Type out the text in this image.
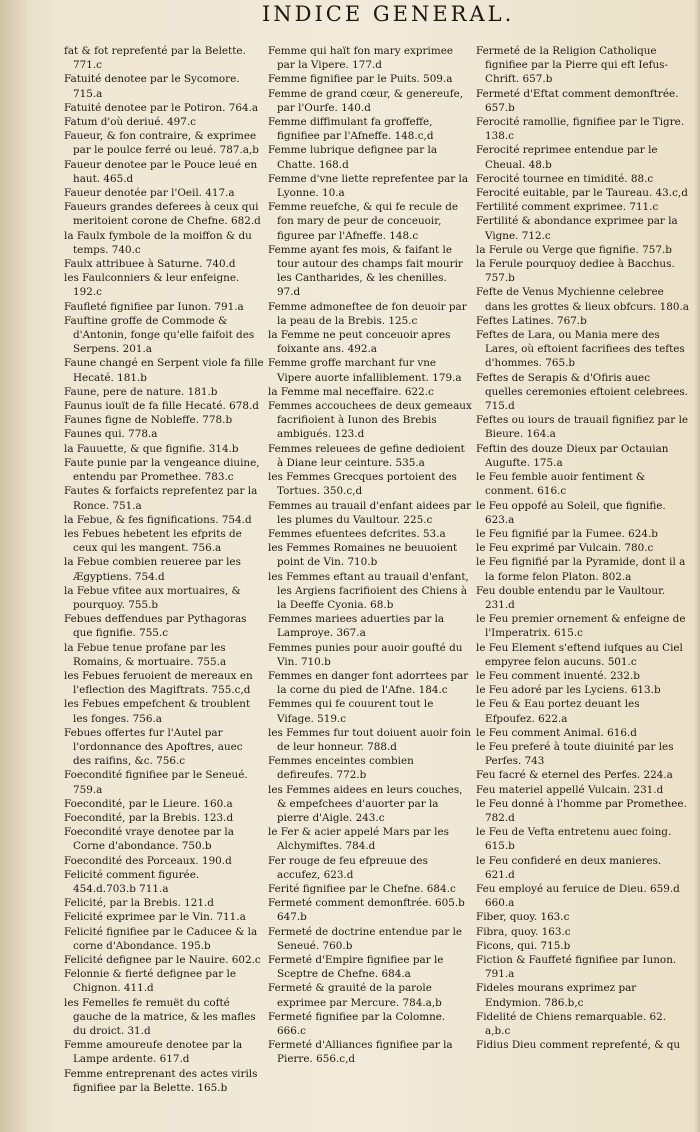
INDICE GENERAL.

fat & fot reprefenté par la Belette. 771.c

Fatuité denotee par le Sycomore. 715.a

Fatuité denotee par le Potiron. 764.a

Fatum d'où deriué. 497.c

Faueur, & fon contraire, & exprimee par le poulce ferré ou leué. 787.a,b

Faueur denotee par le Pouce leué en haut. 465.d

Faueur denotée par l'Oeil. 417.a

Faueurs grandes deferees à ceux qui meritoient corone de Chefne. 682.d

la Faulx fymbole de la moiffon & du temps. 740.c

Faulx attribuee à Saturne. 740.d

les Faulconniers & leur enfeigne. 192.c

Faufleté fignifiee par Iunon. 791.a

Fauftine groffe de Commode & d'Antonin, fonge qu'elle faifoit des Serpens. 201.a

Faune changé en Serpent viole fa fille Hecaté. 181.b

Faune, pere de nature. 181.b

Faunus iouït de fa fille Hecaté. 678.d

Faunes figne de Nobleffe. 778.b

Faunes qui. 778.a

la Fauuette, & que fignifie. 314.b

Faute punie par la vengeance diuine, entendu par Promethee. 783.c

Fautes & forfaicts reprefentez par la Ronce. 751.a

la Febue, & fes fignifications. 754.d

les Febues hebetent les efprits de ceux qui les mangent. 756.a

la Febue combien reueree par les Ægyptiens. 754.d

la Febue vfitee aux mortuaires, & pourquoy. 755.b

Febues deffendues par Pythagoras que fignifie. 755.c

la Febue tenue profane par les Romains, & mortuaire. 755.a

les Febues feruoient de mereaux en l'eflection des Magiftrats. 755.c,d

les Febues empefchent & troublent les fonges. 756.a

Febues offertes fur l'Autel par l'ordonnance des Apoftres, auec des raifins, &c. 756.c

Foecondité fignifiee par le Seneué. 759.a

Foecondité, par le Lieure. 160.a

Foecondité, par la Brebis. 123.d

Foecondité vraye denotee par la Corne d'abondance. 750.b

Foecondité des Porceaux. 190.d

Felicité comment figurée. 454.d.703.b 711.a

Felicité, par la Brebis. 121.d

Felicité exprimee par le Vin. 711.a

Felicité fignifiee par le Caducee & la corne d'Abondance. 195.b

Felicité defignee par le Nauire. 602.c

Felonnie & fierté defignee par le Chignon. 411.d

les Femelles fe remuët du cofté gauche de la matrice, & les mafles du droict. 31.d

Femme amoureufe denotee par la Lampe ardente. 617.d

Femme entreprenant des actes virils fignifiee par la Belette. 165.b

Femme qui haït fon mary exprimee par la Vipere. 177.d

Femme fignifiee par le Puits. 509.a

Femme de grand cœur, & genereufe, par l'Ourfe. 140.d

Femme diffimulant fa groffeffe, fignifiee par l'Afneffe. 148.c,d

Femme lubrique defignee par la Chatte. 168.d

Femme d'vne liette reprefentee par la Lyonne. 10.a

Femme reuefche, & qui fe recule de fon mary de peur de conceuoir, figuree par l'Afneffe. 148.c

Femme ayant fes mois, & faifant le tour autour des champs fait mourir les Cantharides, & les chenilles. 97.d

Femme admoneftee de fon deuoir par la peau de la Brebis. 125.c

la Femme ne peut conceuoir apres foixante ans. 492.a

Femme groffe marchant fur vne Vipere auorte infalliblement. 179.a

la Femme mal neceffaire. 622.c

Femmes accouchees de deux gemeaux facrifioient à Iunon des Brebis ambigués. 123.d

Femmes releuees de gefine dedioient à Diane leur ceinture. 535.a

les Femmes Grecques portoient des Tortues. 350.c,d

Femmes au trauail d'enfant aidees par les plumes du Vaultour. 225.c

Femmes efuentees defcrites. 53.a

les Femmes Romaines ne beuuoient point de Vin. 710.b

les Femmes eftant au trauail d'enfant, les Argiens facrifioient des Chiens à la Deeffe Cyonia. 68.b

Femmes mariees aduerties par la Lamproye. 367.a

Femmes punies pour auoir goufté du Vin. 710.b

Femmes en danger font adorrtees par la corne du pied de l'Afne. 184.c

Femmes qui fe couurent tout le Vifage. 519.c

les Femmes fur tout doiuent auoir foin de leur honneur. 788.d

Femmes enceintes combien defireufes. 772.b

les Femmes aidees en leurs couches, & empefchees d'auorter par la pierre d'Aigle. 243.c

le Fer & acier appelé Mars par les Alchymiftes. 784.d

Fer rouge de feu efpreuue des accufez, 623.d

Ferité fignifiee par le Chefne. 684.c

Fermeté comment demonftrée. 605.b 647.b

Fermeté de doctrine entendue par le Seneué. 760.b

Fermeté d'Empire fignifiee par le Sceptre de Chefne. 684.a

Fermeté & grauité de la parole exprimee par Mercure. 784.a,b

Fermeté fignifiee par la Colomne. 666.c

Fermeté d'Alliances fignifiee par la Pierre. 656.c,d

Fermeté de la Religion Catholique fignifiee par la Pierre qui eft Iefus-Chrift. 657.b

Fermeté d'Eftat comment demonftrée. 657.b

Ferocité ramollie, fignifiee par le Tigre. 138.c

Ferocité reprimee entendue par le Cheual. 48.b

Ferocité tournee en timidité. 88.c

Ferocité euitable, par le Taureau. 43.c,d

Fertilité comment exprimee. 711.c

Fertilité & abondance exprimee par la Vigne. 712.c

la Ferule ou Verge que fignifie. 757.b

la Ferule pourquoy dediee à Bacchus. 757.b

Fefte de Venus Mychienne celebree dans les grottes & lieux obfcurs. 180.a

Feftes Latines. 767.b

Feftes de Lara, ou Mania mere des Lares, où eftoient facrifiees des teftes d'hommes. 765.b

Feftes de Serapis & d'Ofiris auec quelles ceremonies eftoient celebrees. 715.d

Feftes ou iours de trauail fignifiez par le Bieure. 164.a

Feftin des douze Dieux par Octauian Augufte. 175.a

le Feu femble auoir fentiment & conment. 616.c

le Feu oppofé au Soleil, que fignifie. 623.a

le Feu fignifié par la Fumee. 624.b

le Feu exprimé par Vulcain. 780.c

le Feu fignifié par la Pyramide, dont il a la forme felon Platon. 802.a

Feu double entendu par le Vaultour. 231.d

le Feu premier ornement & enfeigne de l'Imperatrix. 615.c

le Feu Element s'eftend iufques au Ciel empyree felon aucuns. 501.c

le Feu comment inuenté. 232.b

le Feu adoré par les Lyciens. 613.b

le Feu & Eau portez deuant les Efpoufez. 622.a

le Feu comment Animal. 616.d

le Feu preferé à toute diuinité par les Perfes. 743

Feu facré & eternel des Perfes. 224.a

Feu materiel appellé Vulcain. 231.d

le Feu donné à l'homme par Promethee. 782.d

le Feu de Vefta entretenu auec foing. 615.b

le Feu confideré en deux manieres. 621.d

Feu employé au feruice de Dieu. 659.d 660.a

Fiber, quoy. 163.c

Fibra, quoy. 163.c

Ficons, qui. 715.b

Fiction & Fauffeté fignifiee par Iunon. 791.a

Fideles mourans exprimez par Endymion. 786.b,c

Fidelité de Chiens remarquable. 62. a,b.c

Fidius Dieu comment reprefenté, & qu
